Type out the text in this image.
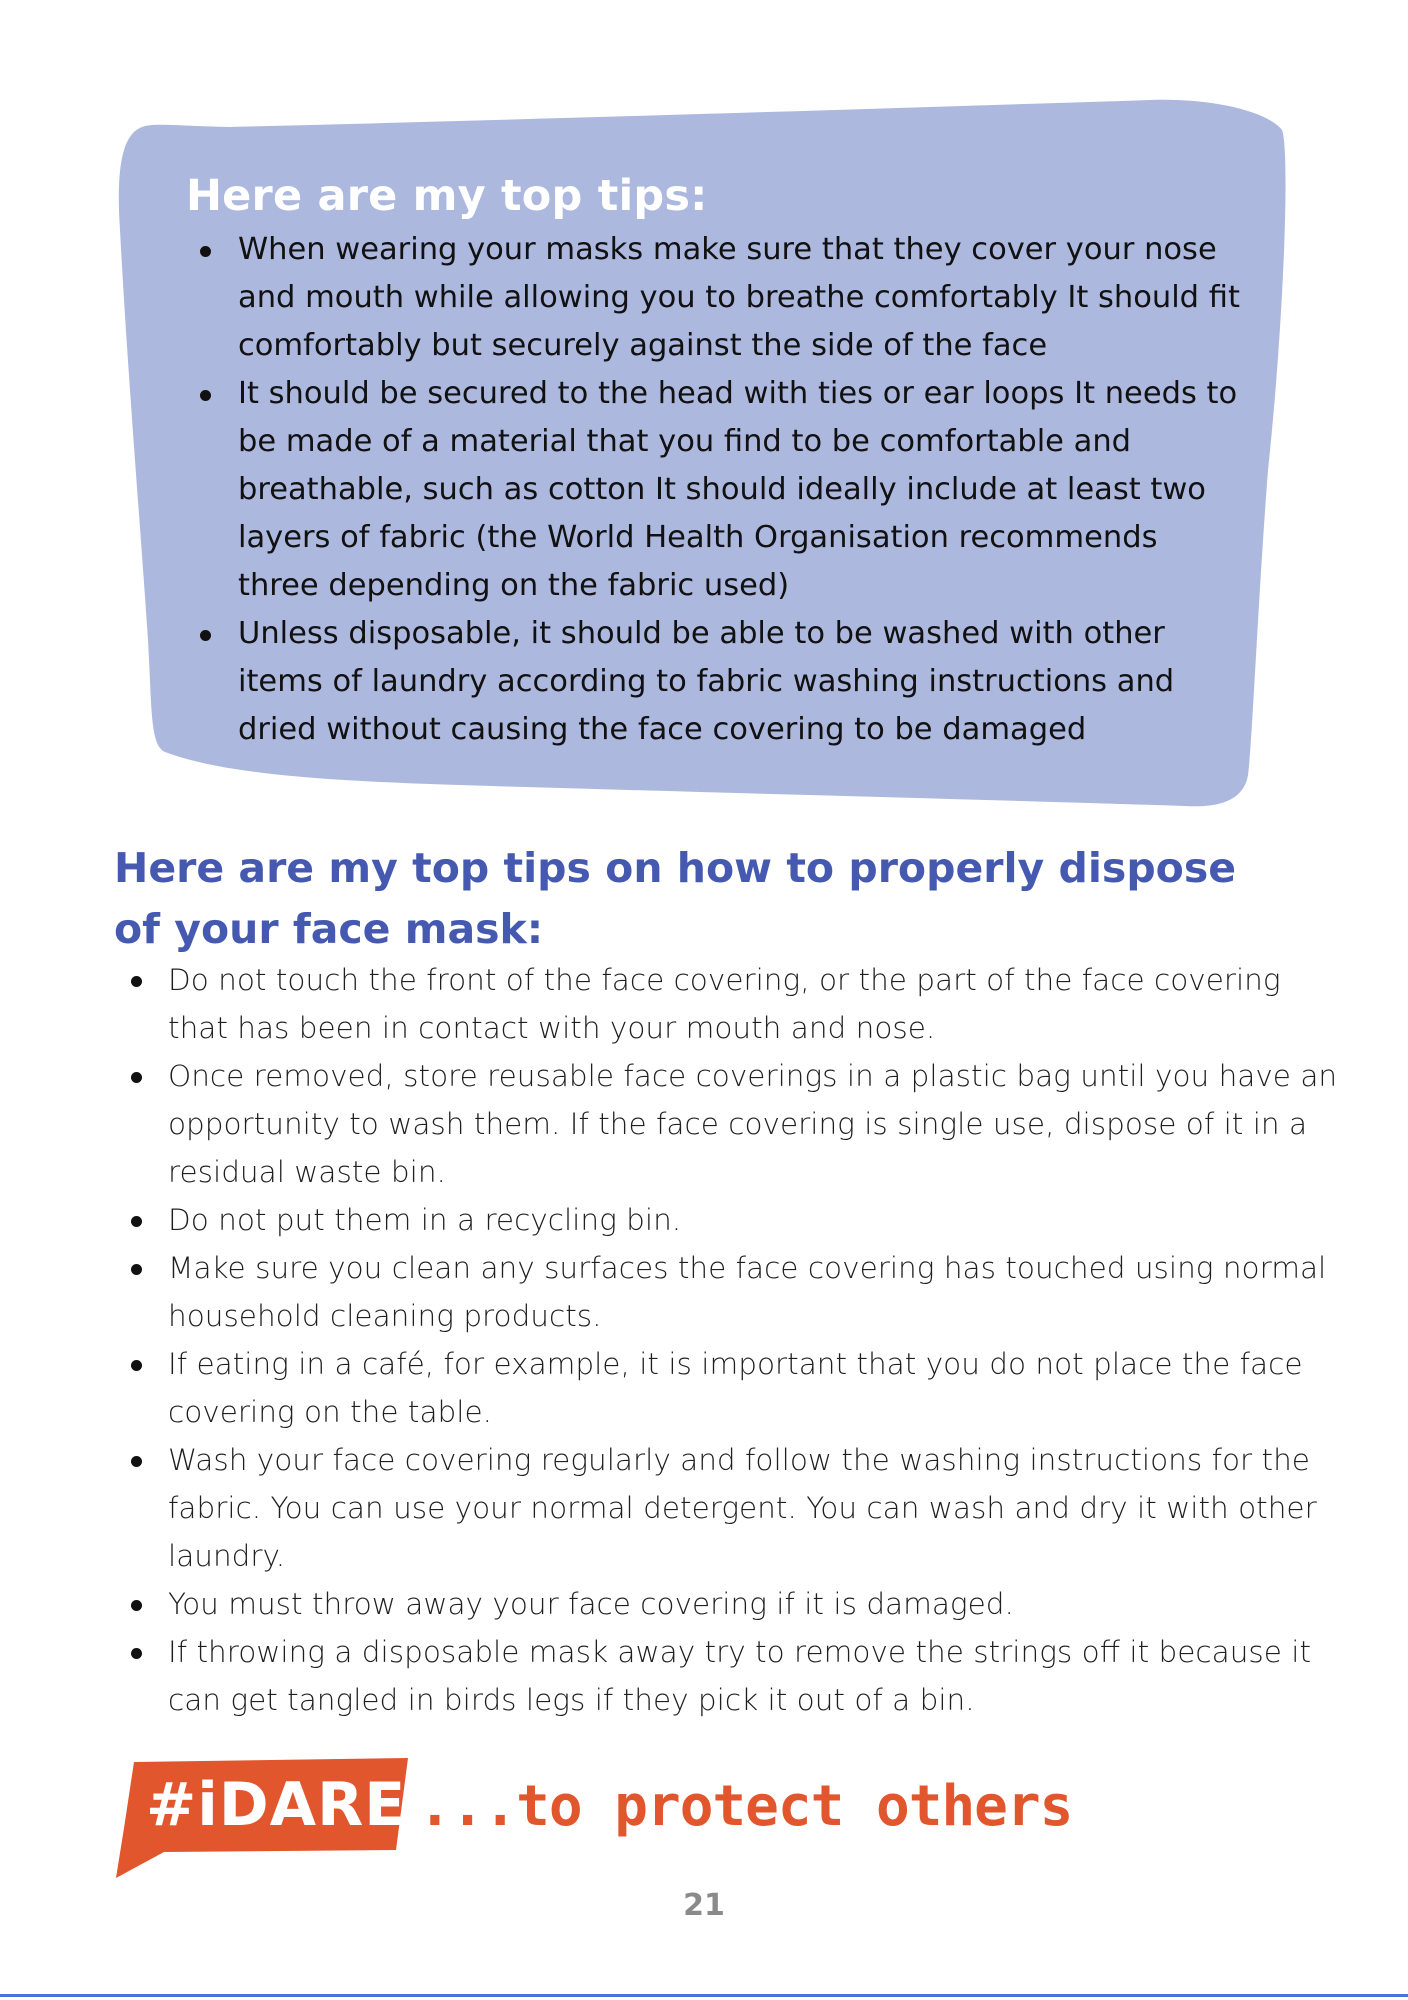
Here are my top tips:
When wearing your masks make sure that they cover your nose and mouth while allowing you to breathe comfortably It should fit comfortably but securely against the side of the face
It should be secured to the head with ties or ear loops It needs to be made of a material that you find to be comfortable and breathable, such as cotton It should ideally include at least two layers of fabric (the World Health Organisation recommends three depending on the fabric used)
Unless disposable, it should be able to be washed with other items of laundry according to fabric washing instructions and dried without causing the face covering to be damaged
Here are my top tips on how to properly dispose
of your face mask:
Do not touch the front of the face covering, or the part of the face covering that has been in contact with your mouth and nose.
Once removed, store reusable face coverings in a plastic bag until you have an opportunity to wash them. If the face covering is single use, dispose of it in a residual waste bin.
Do not put them in a recycling bin.
Make sure you clean any surfaces the face covering has touched using normal household cleaning products.
If eating in a café, for example, it is important that you do not place the face covering on the table.
Wash your face covering regularly and follow the washing instructions for the fabric. You can use your normal detergent. You can wash and dry it with other laundry.
You must throw away your face covering if it is damaged.
If throwing a disposable mask away try to remove the strings off it because it can get tangled in birds legs if they pick it out of a bin.
#iDARE ...to protect others
21
